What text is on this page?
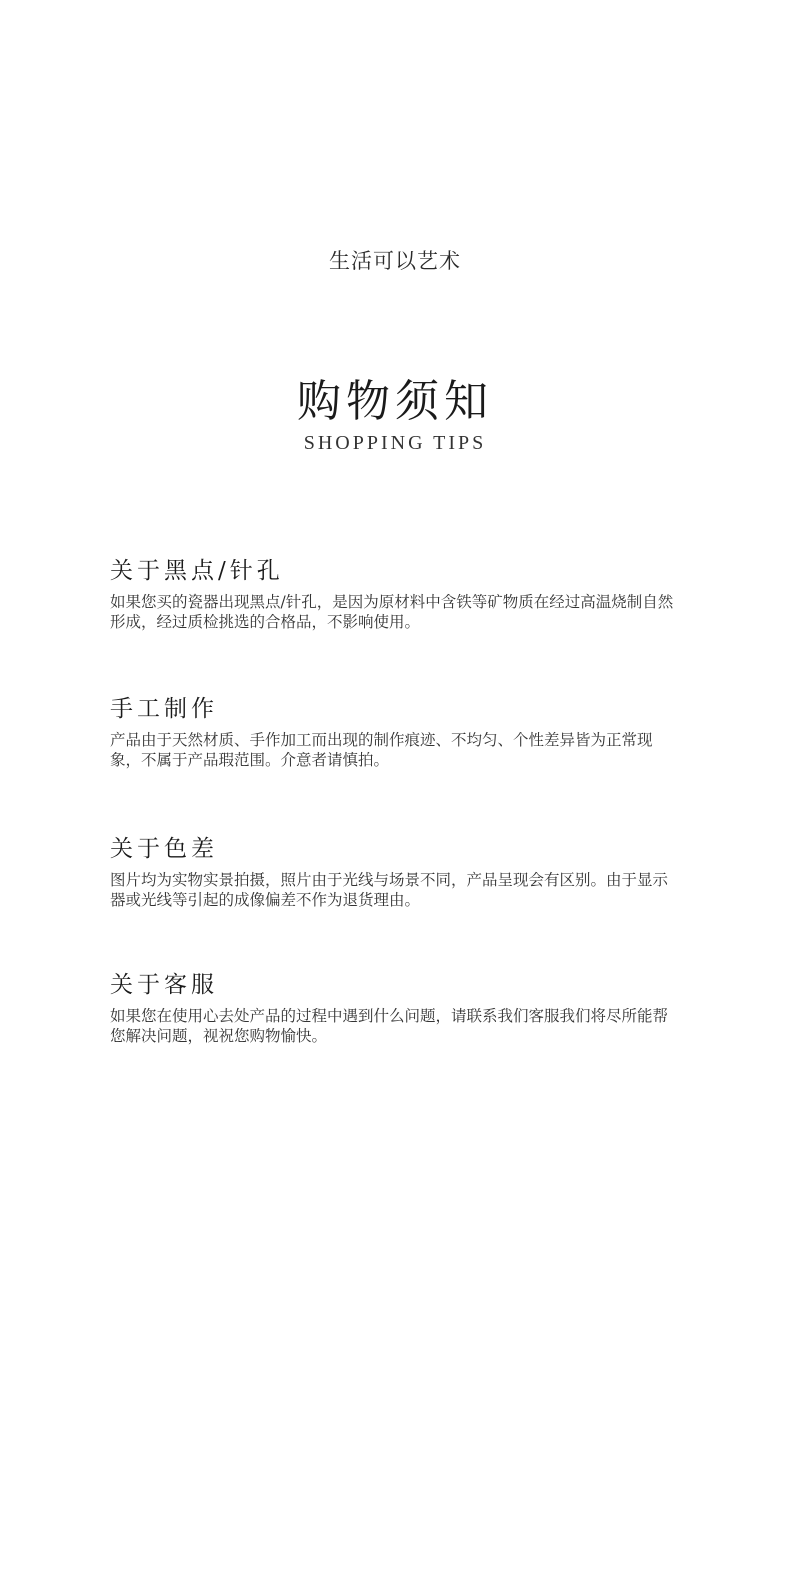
生活可以艺术
购物须知
SHOPPING TIPS
关于黑点/针孔

如果您买的瓷器出现黑点/针孔，是因为原材料中含铁等矿物质在经过高温烧制自然形成，经过质检挑选的合格品，不影响使用。

手工制作

产品由于天然材质、手作加工而出现的制作痕迹、不均匀、个性差异皆为正常现象，不属于产品瑕范围。介意者请慎拍。

关于色差

图片均为实物实景拍摄，照片由于光线与场景不同，产品呈现会有区别。由于显示器或光线等引起的成像偏差不作为退货理由。

关于客服

如果您在使用心去处产品的过程中遇到什么问题，请联系我们客服我们将尽所能帮您解决问题，视祝您购物愉快。
